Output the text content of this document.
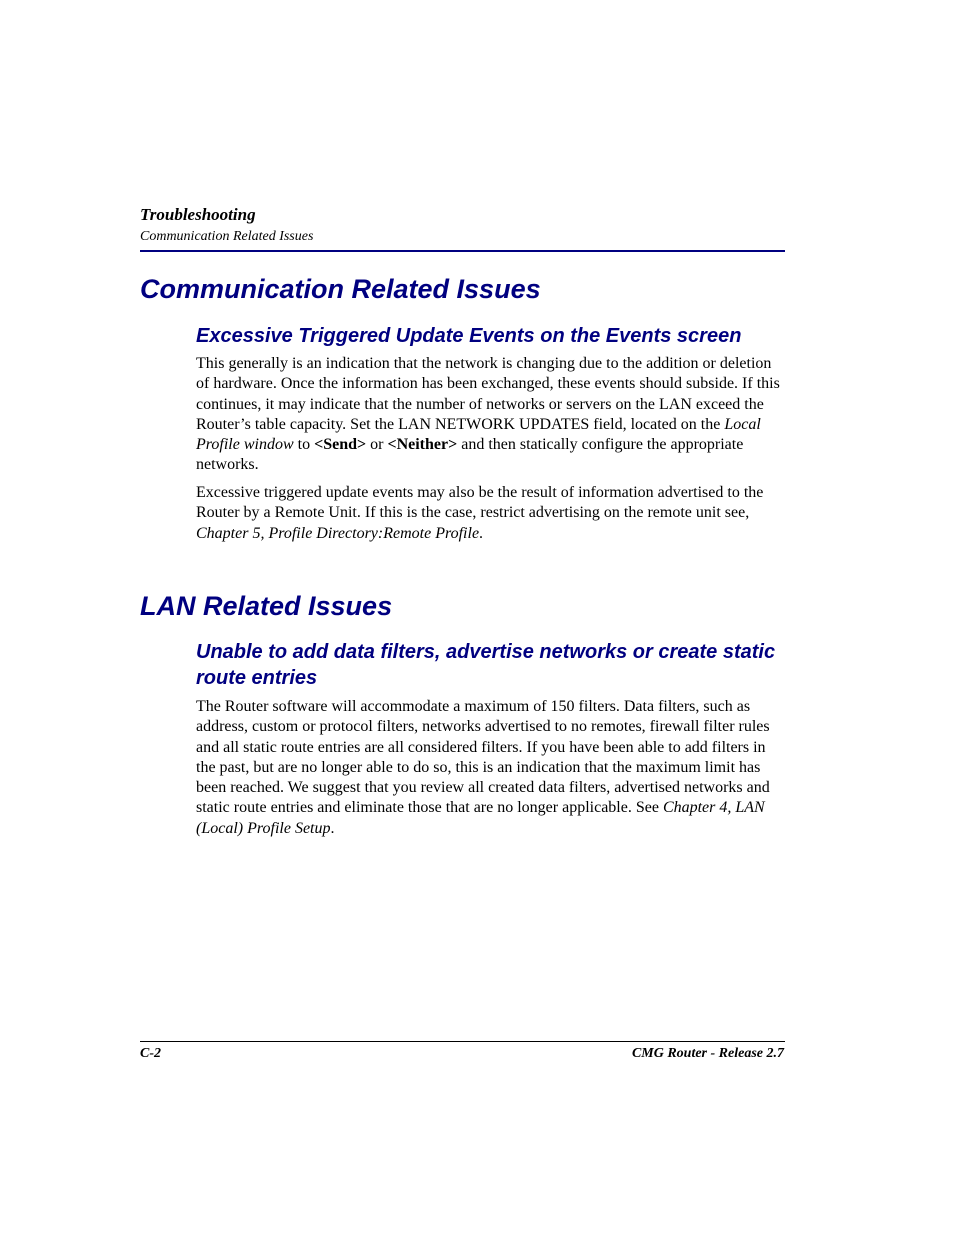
Troubleshooting
Communication Related Issues
Communication Related Issues
Excessive Triggered Update Events on the Events screen

This generally is an indication that the network is changing due to the addition or deletion of hardware. Once the information has been exchanged, these events should subside. If this continues, it may indicate that the number of networks or servers on the LAN exceed the Router’s table capacity. Set the LAN NETWORK UPDATES field, located on the Local Profile window to <Send> or <Neither> and then statically configure the appropriate networks.

Excessive triggered update events may also be the result of information advertised to the Router by a Remote Unit. If this is the case, restrict advertising on the remote unit see, Chapter 5, Profile Directory:Remote Profile.

LAN Related Issues
Unable to add data filters, advertise networks or create static route entries

The Router software will accommodate a maximum of 150 filters. Data filters, such as address, custom or protocol filters, networks advertised to no remotes, firewall filter rules and all static route entries are all considered filters. If you have been able to add filters in the past, but are no longer able to do so, this is an indication that the maximum limit has been reached. We suggest that you review all created data filters, advertised networks and static route entries and eliminate those that are no longer applicable. See Chapter 4, LAN (Local) Profile Setup.

C-2	CMG Router - Release 2.7
